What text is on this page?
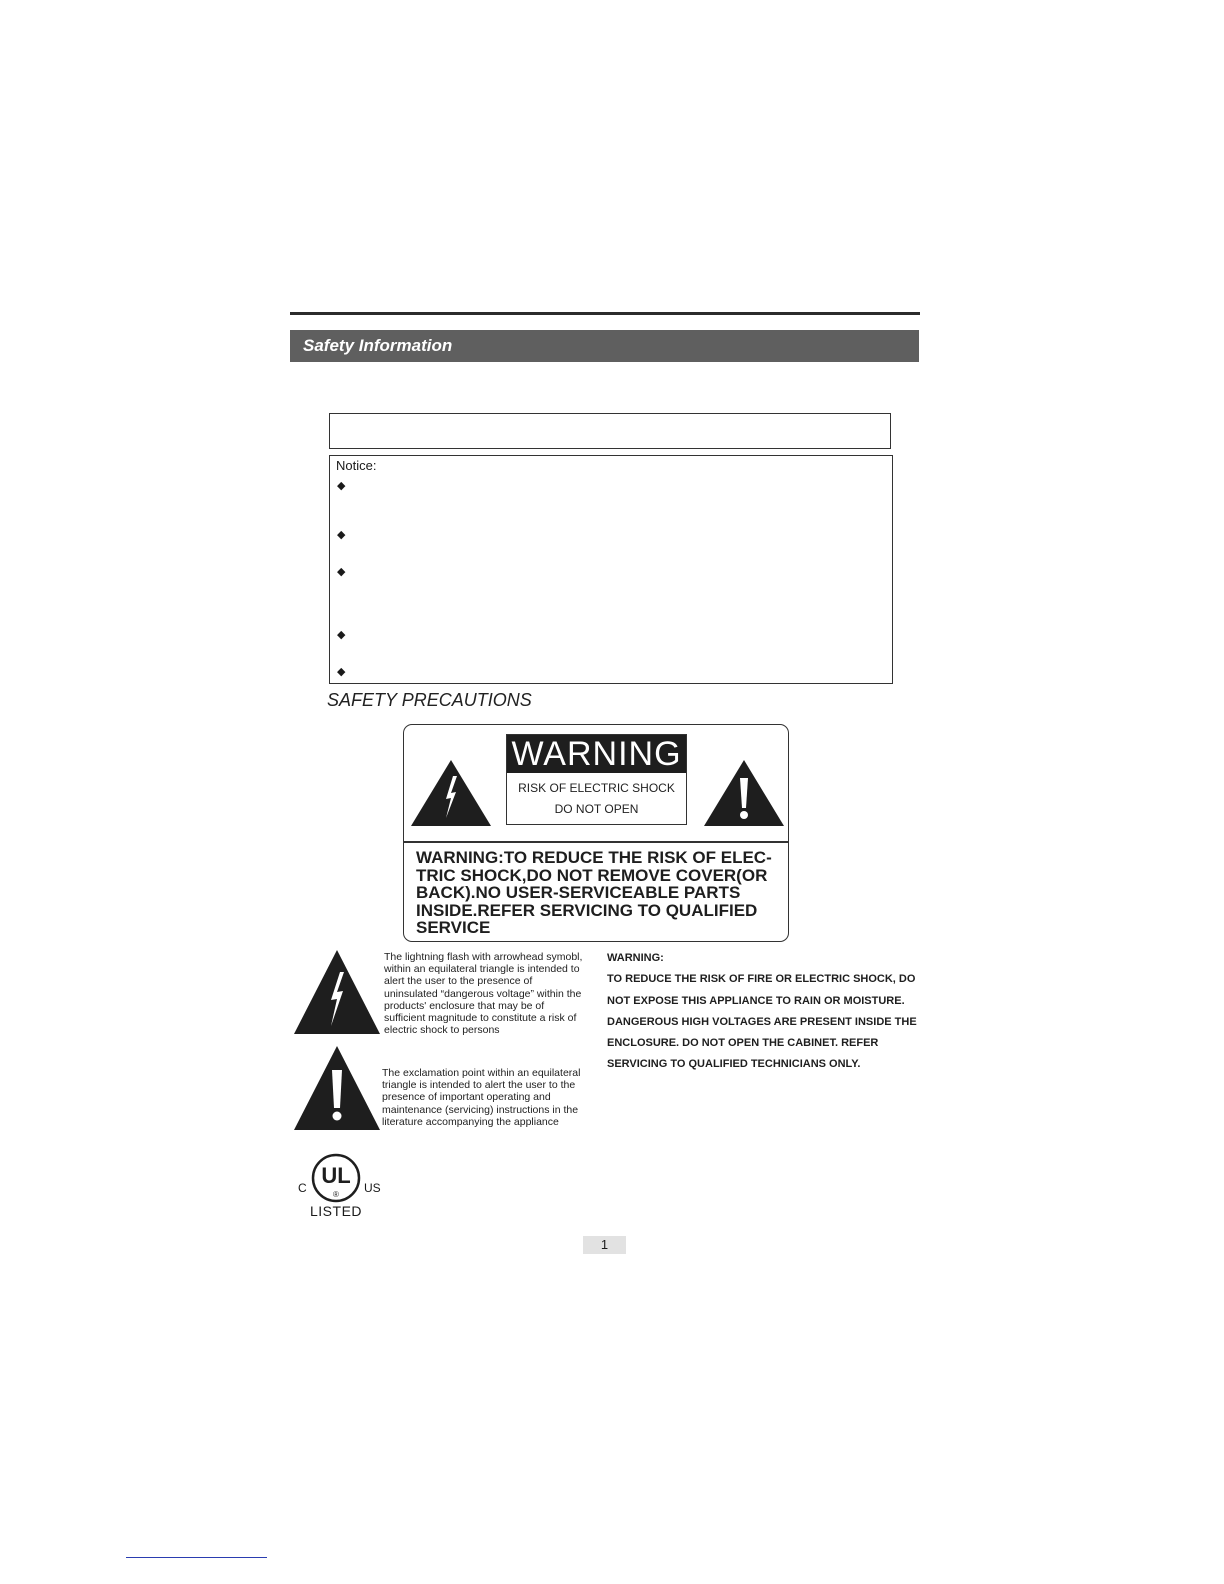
Safety Information
Notice:
◆
◆
◆
◆
◆
SAFETY PRECAUTIONS
WARNING
RISK OF ELECTRIC SHOCK
DO NOT OPEN
WARNING:TO REDUCE THE RISK OF ELEC-
TRIC SHOCK,DO NOT REMOVE COVER(OR
BACK).NO USER-SERVICEABLE PARTS
INSIDE.REFER SERVICING TO QUALIFIED
SERVICE
The lightning flash with arrowhead symobl,
within an equilateral triangle is intended to
alert the user to the presence of
uninsulated “dangerous voltage” within the
products' enclosure that may be of
sufficient magnitude to constitute a risk of
electric shock to persons
The exclamation point within an equilateral
triangle is intended to alert the user to the
presence of important operating and
maintenance (servicing) instructions in the
literature accompanying the appliance
WARNING:
TO REDUCE THE RISK OF FIRE OR ELECTRIC SHOCK, DO
NOT EXPOSE THIS APPLIANCE TO RAIN OR MOISTURE.
DANGEROUS HIGH VOLTAGES ARE PRESENT INSIDE THE
ENCLOSURE. DO NOT OPEN THE CABINET. REFER
SERVICING TO QUALIFIED TECHNICIANS ONLY.
C UL
® US
LISTED
1
